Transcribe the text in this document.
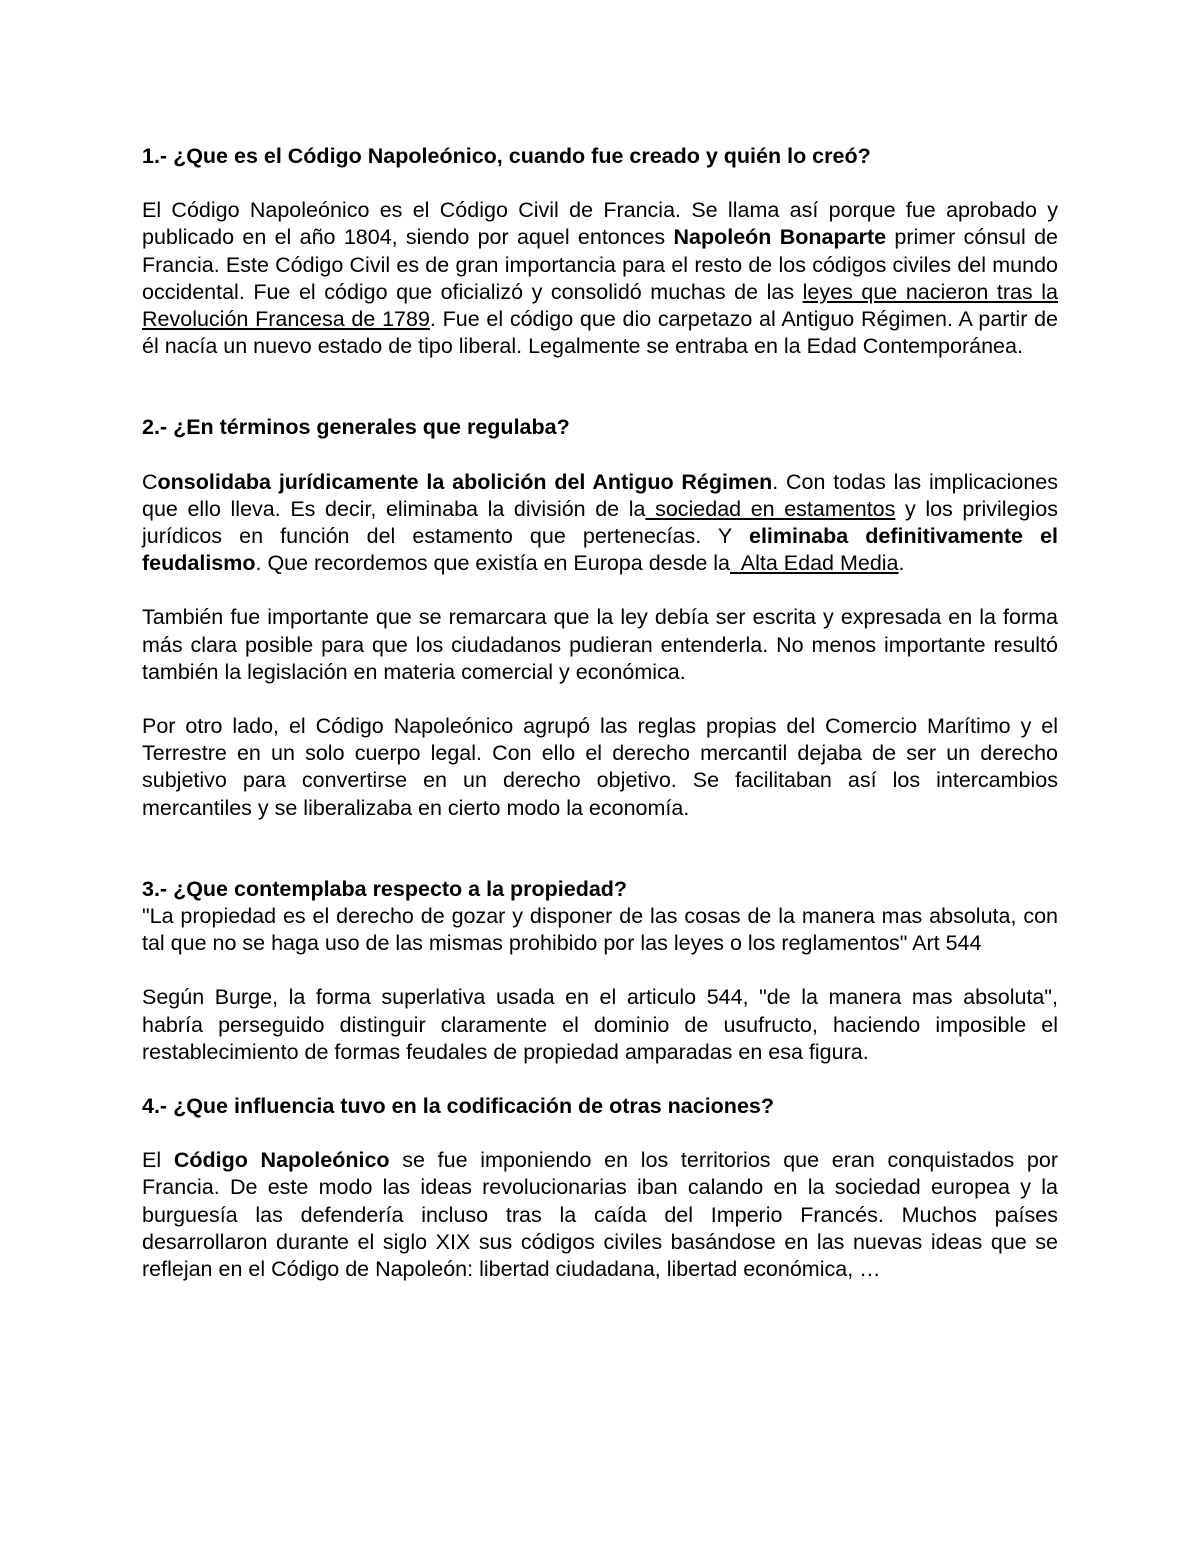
1.- ¿Que es el Código Napoleónico, cuando fue creado y quién lo creó?

El Código Napoleónico es el Código Civil de Francia. Se llama así porque fue aprobado y publicado en el año 1804, siendo por aquel entonces Napoleón Bonaparte primer cónsul de Francia. Este Código Civil es de gran importancia para el resto de los códigos civiles del mundo occidental. Fue el código que oficializó y consolidó muchas de las leyes que nacieron tras la Revolución Francesa de 1789. Fue el código que dio carpetazo al Antiguo Régimen. A partir de él nacía un nuevo estado de tipo liberal. Legalmente se entraba en la Edad Contemporánea.

2.- ¿En términos generales que regulaba?

Consolidaba jurídicamente la abolición del Antiguo Régimen. Con todas las implicaciones que ello lleva. Es decir, eliminaba la división de la sociedad en estamentos y los privilegios jurídicos en función del estamento que pertenecías. Y eliminaba definitivamente el feudalismo. Que recordemos que existía en Europa desde la  Alta Edad Media.

También fue importante que se remarcara que la ley debía ser escrita y expresada en la forma más clara posible para que los ciudadanos pudieran entenderla. No menos importante resultó también la legislación en materia comercial y económica.

Por otro lado, el Código Napoleónico agrupó las reglas propias del Comercio Marítimo y el Terrestre en un solo cuerpo legal. Con ello el derecho mercantil dejaba de ser un derecho subjetivo para convertirse en un derecho objetivo. Se facilitaban así los intercambios mercantiles y se liberalizaba en cierto modo la economía.

3.- ¿Que contemplaba respecto a la propiedad?

"La propiedad es el derecho de gozar y disponer de las cosas de la manera mas absoluta, con tal que no se haga uso de las mismas prohibido por las leyes o los reglamentos" Art 544

Según Burge, la forma superlativa usada en el articulo 544, "de la manera mas absoluta", habría perseguido distinguir claramente el dominio de usufructo, haciendo imposible el restablecimiento de formas feudales de propiedad amparadas en esa figura.

4.- ¿Que influencia tuvo en la codificación de otras naciones?

El Código Napoleónico se fue imponiendo en los territorios que eran conquistados por Francia. De este modo las ideas revolucionarias iban calando en la sociedad europea y la burguesía las defendería incluso tras la caída del Imperio Francés. Muchos países desarrollaron durante el siglo XIX sus códigos civiles basándose en las nuevas ideas que se reflejan en el Código de Napoleón: libertad ciudadana, libertad económica, …
